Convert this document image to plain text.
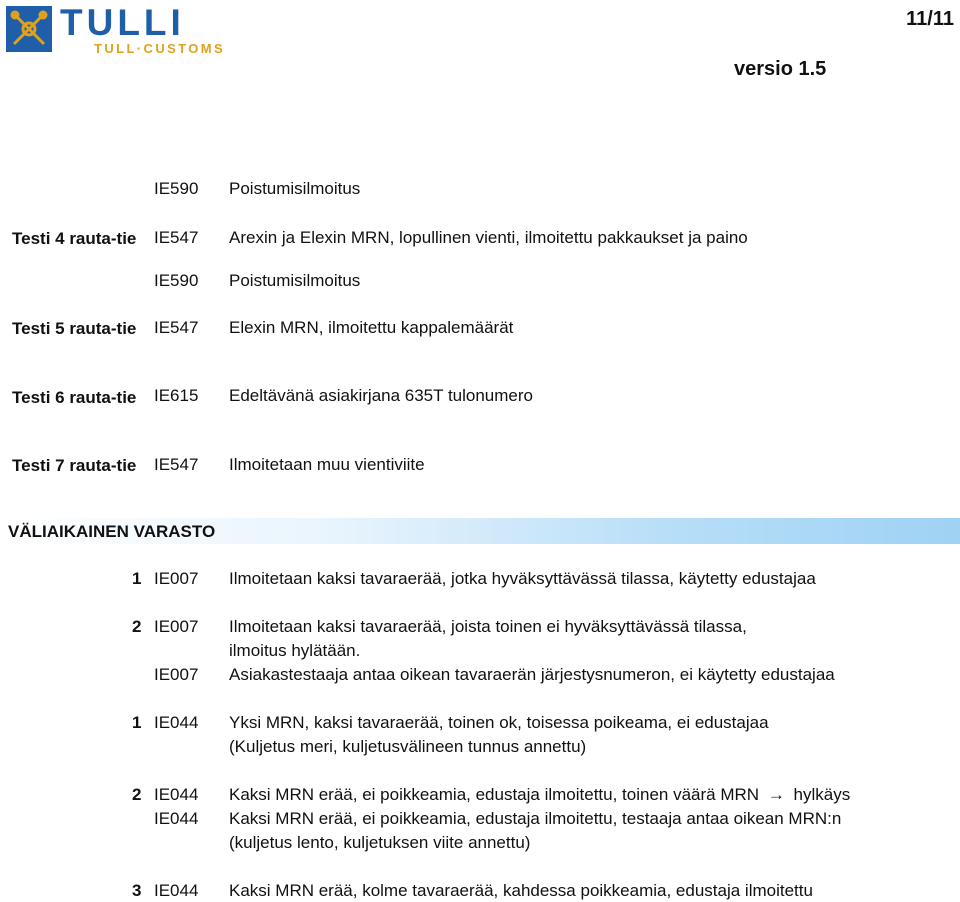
TULLI
TULL·CUSTOMS
11/11
versio 1.5
IE590 Poistumisilmoitus
Testi 4 rauta-tie	IE547 Arexin ja Elexin MRN, lopullinen vienti, ilmoitettu pakkaukset ja paino
IE590 Poistumisilmoitus
Testi 5 rauta-tie	IE547 Elexin MRN, ilmoitettu kappalemäärät
Testi 6 rauta-tie	IE615 Edeltävänä asiakirjana 635T tulonumero
Testi 7 rauta-tie	IE547 Ilmoitetaan muu vientiviite
VÄLIAIKAINEN VARASTO
1 IE007 Ilmoitetaan kaksi tavaraerää, jotka hyväksyttävässä tilassa, käytetty edustajaa
2 IE007 Ilmoitetaan kaksi tavaraerää, joista toinen ei hyväksyttävässä tilassa,
ilmoitus hylätään.
IE007 Asiakastestaaja antaa oikean tavaraerän järjestysnumeron, ei käytetty edustajaa
1 IE044 Yksi MRN, kaksi tavaraerää, toinen ok, toisessa poikeama, ei edustajaa
(Kuljetus meri, kuljetusvälineen tunnus annettu)
2 IE044 Kaksi MRN erää, ei poikkeamia, edustaja ilmoitettu, toinen väärä MRN → hylkäys
IE044 Kaksi MRN erää, ei poikkeamia, edustaja ilmoitettu, testaaja antaa oikean MRN:n
(kuljetus lento, kuljetuksen viite annettu)
3 IE044 Kaksi MRN erää, kolme tavaraerää, kahdessa poikkeamia, edustaja ilmoitettu
